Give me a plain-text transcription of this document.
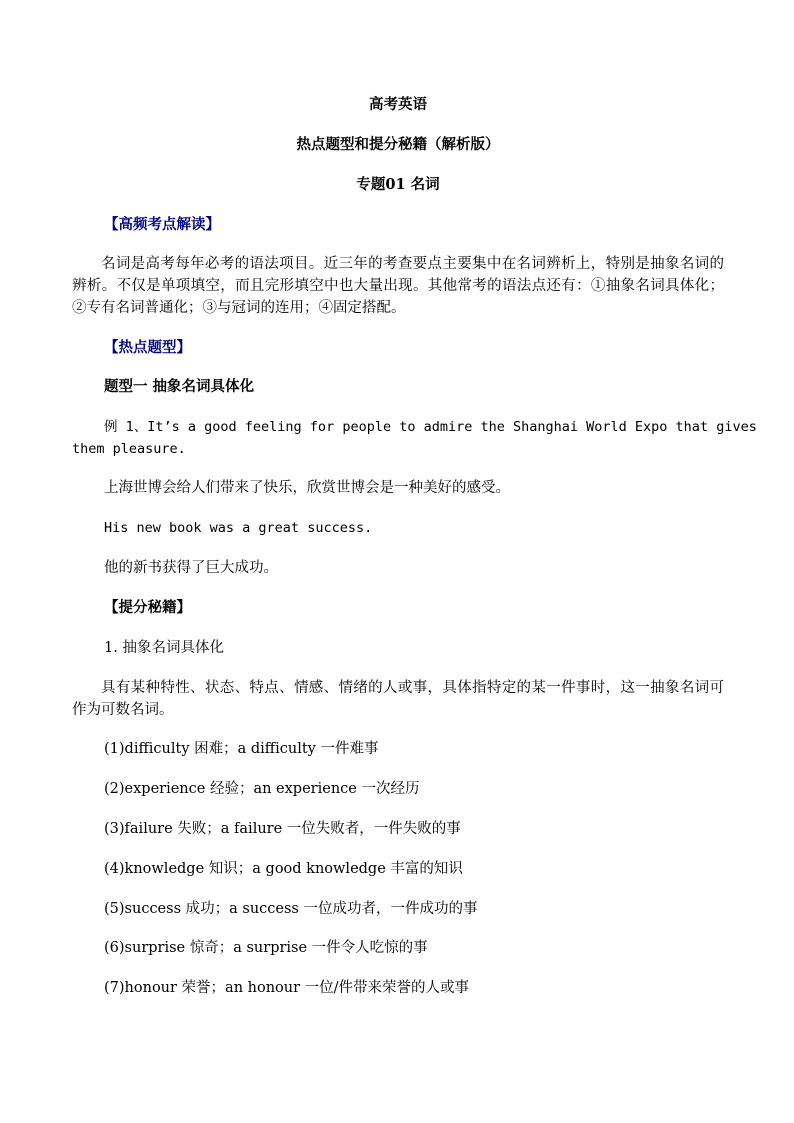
高考英语
热点题型和提分秘籍（解析版）
专题01 名词
【高频考点解读】
名词是高考每年必考的语法项目。近三年的考查要点主要集中在名词辨析上，特别是抽象名词的辨析。不仅是单项填空，而且完形填空中也大量出现。其他常考的语法点还有：①抽象名词具体化；②专有名词普通化；③与冠词的连用；④固定搭配。
【热点题型】
题型一 抽象名词具体化
例 1、It’s a good feeling for people to admire the Shanghai World Expo that gives
them pleasure.
上海世博会给人们带来了快乐，欣赏世博会是一种美好的感受。
His new book was a great success.
他的新书获得了巨大成功。
【提分秘籍】
1. 抽象名词具体化
具有某种特性、状态、特点、情感、情绪的人或事，具体指特定的某一件事时，这一抽象名词可作为可数名词。
(1)difficulty 困难；a difficulty 一件难事
(2)experience 经验；an experience 一次经历
(3)failure 失败；a failure 一位失败者，一件失败的事
(4)knowledge 知识；a good knowledge 丰富的知识
(5)success 成功；a success 一位成功者，一件成功的事
(6)surprise 惊奇；a surprise 一件令人吃惊的事
(7)honour 荣誉；an honour 一位/件带来荣誉的人或事
